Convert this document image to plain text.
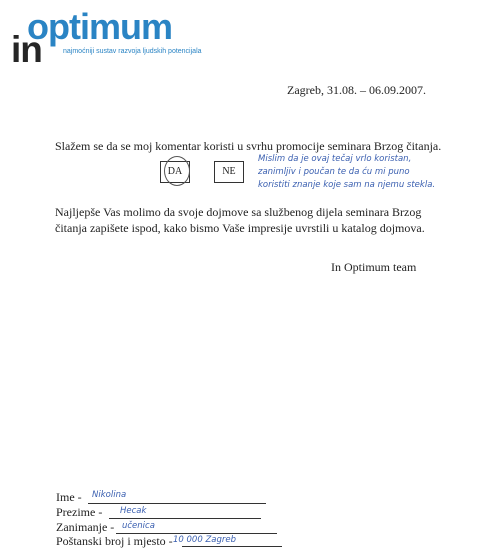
in
optimum
najmoćniji sustav razvoja ljudskih potencijala
Zagreb, 31.08. – 06.09.2007.
Slažem se da se moj komentar koristi u svrhu promocije seminara Brzog čitanja.
DA	NE
Mislim da je ovaj tečaj vrlo koristan,
zanimljiv i poučan te da ću mi puno
koristiti znanje koje sam na njemu stekla.
Najljepše Vas molimo da svoje dojmove sa službenog dijela seminara Brzog čitanja zapišete ispod, kako bismo Vaše impresije uvrstili u katalog dojmova.
In Optimum team
Ime - Nikolina
Prezime - Hecak
Zanimanje - učenica
Poštanski broj i mjesto - 10 000 Zagreb
